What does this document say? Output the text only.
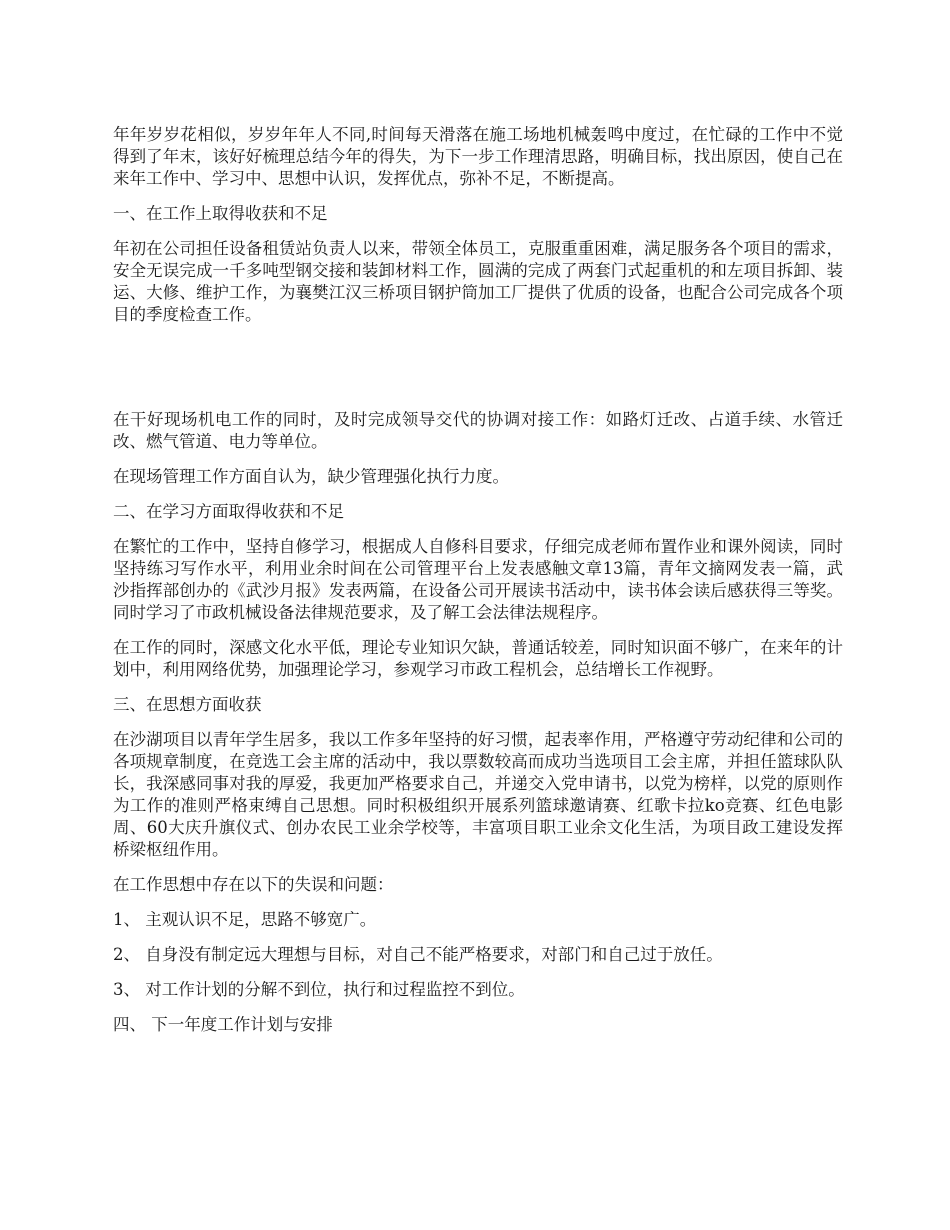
年年岁岁花相似，岁岁年年人不同,时间每天滑落在施工场地机械轰鸣中度过，在忙碌的工作中不觉得到了年末，该好好梳理总结今年的得失，为下一步工作理清思路，明确目标，找出原因，使自己在来年工作中、学习中、思想中认识，发挥优点，弥补不足，不断提高。

一、在工作上取得收获和不足

年初在公司担任设备租赁站负责人以来，带领全体员工，克服重重困难，满足服务各个项目的需求，安全无误完成一千多吨型钢交接和装卸材料工作，圆满的完成了两套门式起重机的和左项目拆卸、装运、大修、维护工作，为襄樊江汉三桥项目钢护筒加工厂提供了优质的设备，也配合公司完成各个项目的季度检查工作。

在干好现场机电工作的同时，及时完成领导交代的协调对接工作：如路灯迁改、占道手续、水管迁改、燃气管道、电力等单位。

在现场管理工作方面自认为，缺少管理强化执行力度。

二、在学习方面取得收获和不足

在繁忙的工作中，坚持自修学习，根据成人自修科目要求，仔细完成老师布置作业和课外阅读，同时坚持练习写作水平，利用业余时间在公司管理平台上发表感触文章13篇，青年文摘网发表一篇，武沙指挥部创办的《武沙月报》发表两篇，在设备公司开展读书活动中，读书体会读后感获得三等奖。同时学习了市政机械设备法律规范要求，及了解工会法律法规程序。

在工作的同时，深感文化水平低，理论专业知识欠缺，普通话较差，同时知识面不够广，在来年的计划中，利用网络优势，加强理论学习，参观学习市政工程机会，总结增长工作视野。

三、在思想方面收获

在沙湖项目以青年学生居多，我以工作多年坚持的好习惯，起表率作用，严格遵守劳动纪律和公司的各项规章制度，在竞选工会主席的活动中，我以票数较高而成功当选项目工会主席，并担任篮球队队长，我深感同事对我的厚爱，我更加严格要求自己，并递交入党申请书，以党为榜样，以党的原则作为工作的准则严格束缚自己思想。同时积极组织开展系列篮球邀请赛、红歌卡拉ko竞赛、红色电影周、60大庆升旗仪式、创办农民工业余学校等，丰富项目职工业余文化生活，为项目政工建设发挥桥梁枢纽作用。

在工作思想中存在以下的失误和问题：

1、 主观认识不足，思路不够宽广。

2、 自身没有制定远大理想与目标，对自己不能严格要求，对部门和自己过于放任。

3、 对工作计划的分解不到位，执行和过程监控不到位。

四、 下一年度工作计划与安排
